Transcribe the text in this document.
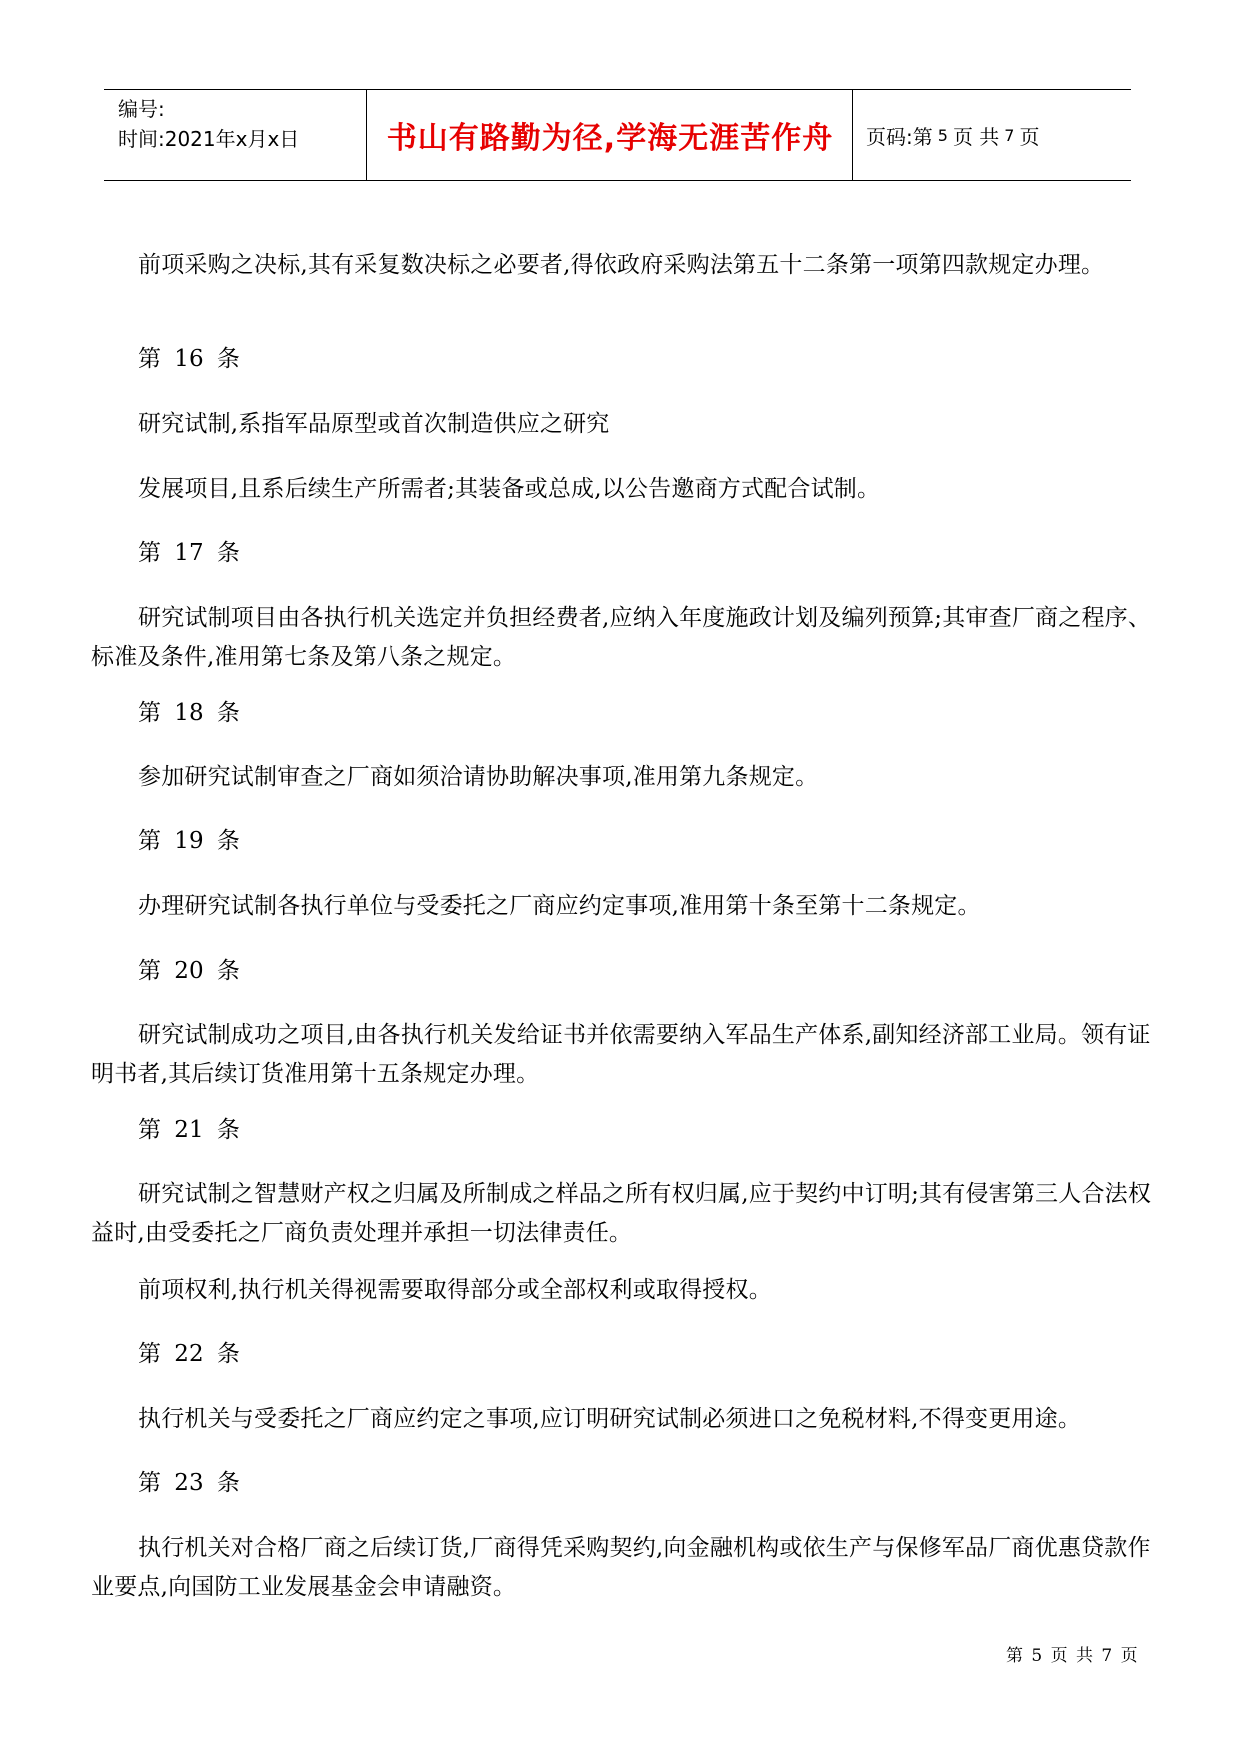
编号:
时间:2021年x月x日	书山有路勤为径,学海无涯苦作舟	页码:第 5 页 共 7 页

前项采购之决标,其有采复数决标之必要者,得依政府采购法第五十二条第一项第四款规定办理。

第 16 条

研究试制,系指军品原型或首次制造供应之研究

发展项目,且系后续生产所需者;其装备或总成,以公告邀商方式配合试制。

第 17 条

研究试制项目由各执行机关选定并负担经费者,应纳入年度施政计划及编列预算;其审查厂商之程序、标准及条件,准用第七条及第八条之规定。

第 18 条

参加研究试制审查之厂商如须洽请协助解决事项,准用第九条规定。

第 19 条

办理研究试制各执行单位与受委托之厂商应约定事项,准用第十条至第十二条规定。

第 20 条

研究试制成功之项目,由各执行机关发给证书并依需要纳入军品生产体系,副知经济部工业局。领有证明书者,其后续订货准用第十五条规定办理。

第 21 条

研究试制之智慧财产权之归属及所制成之样品之所有权归属,应于契约中订明;其有侵害第三人合法权益时,由受委托之厂商负责处理并承担一切法律责任。

前项权利,执行机关得视需要取得部分或全部权利或取得授权。

第 22 条

执行机关与受委托之厂商应约定之事项,应订明研究试制必须进口之免税材料,不得变更用途。

第 23 条

执行机关对合格厂商之后续订货,厂商得凭采购契约,向金融机构或依生产与保修军品厂商优惠贷款作业要点,向国防工业发展基金会申请融资。

第 5 页 共 7 页
